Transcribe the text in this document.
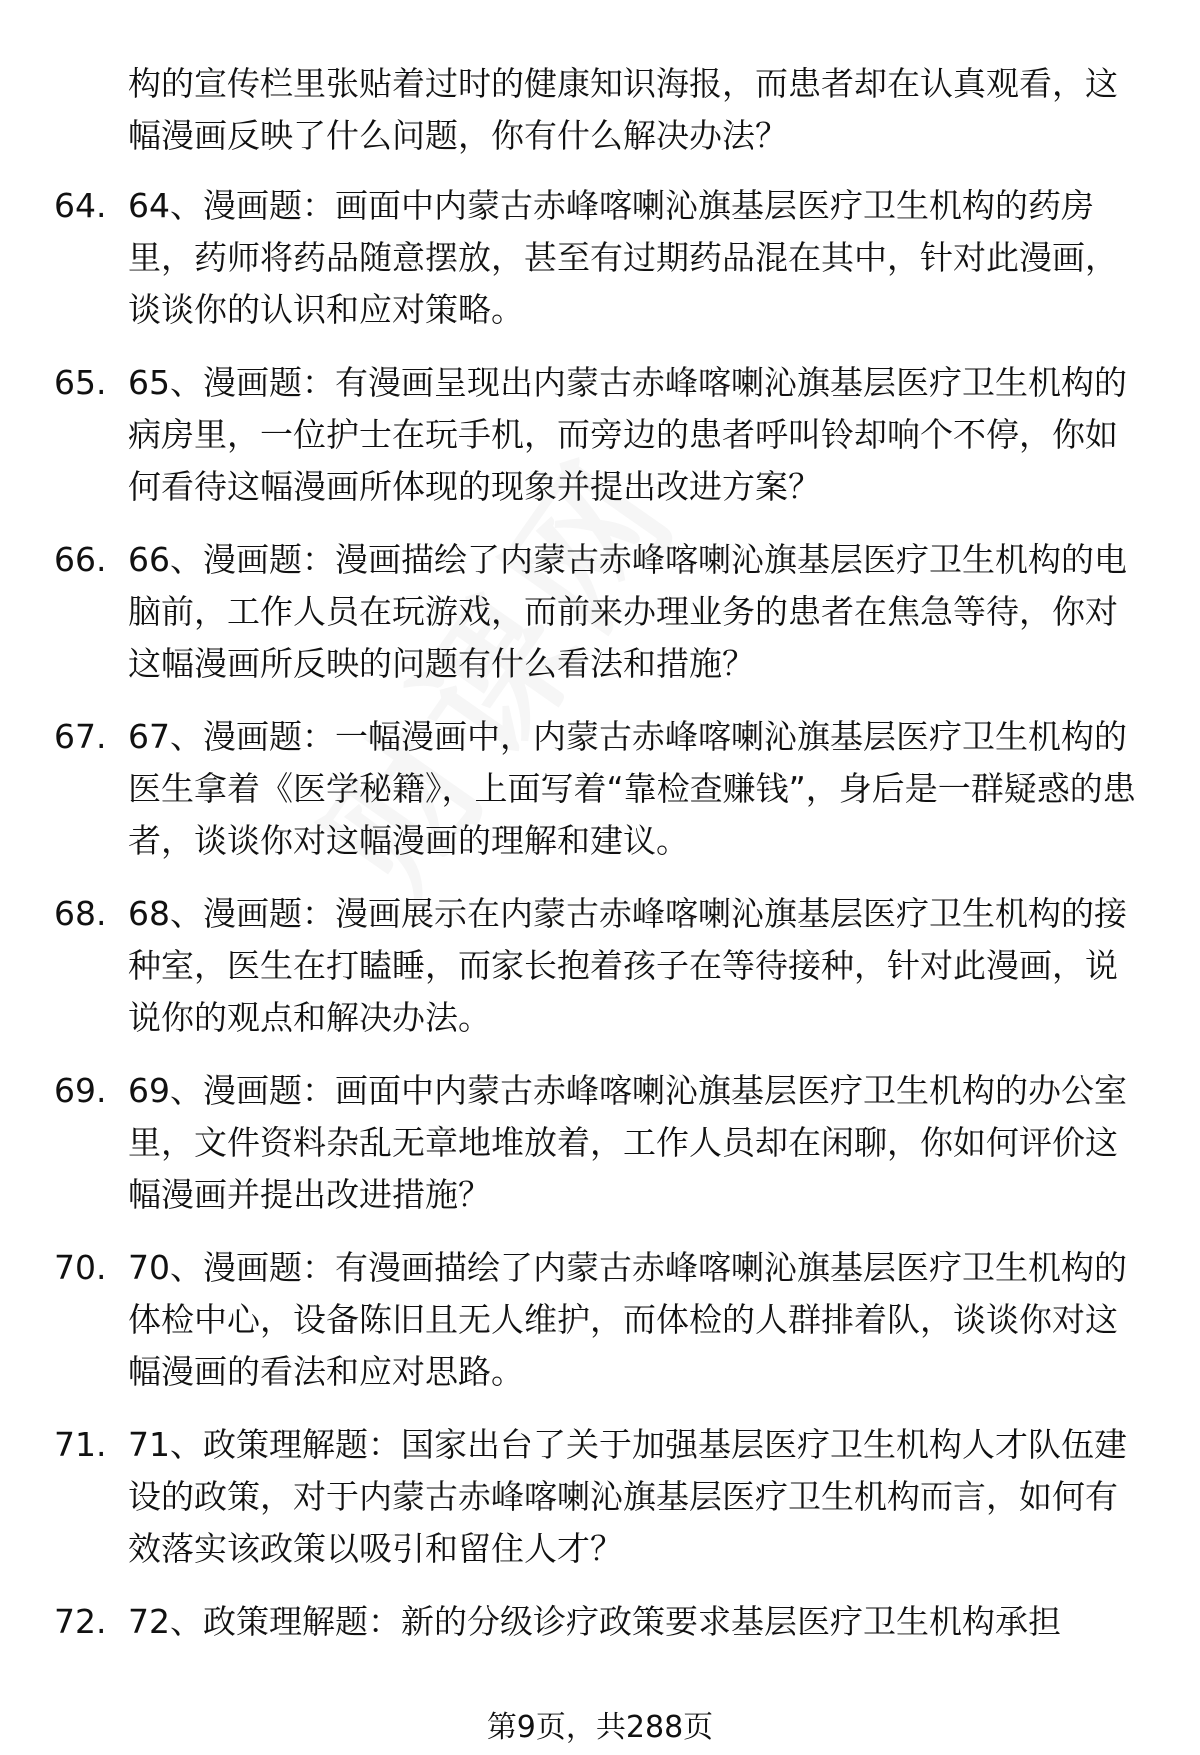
构的宣传栏里张贴着过时的健康知识海报，而患者却在认真观看，这幅漫画反映了什么问题，你有什么解决办法？

64. 64、漫画题：画面中内蒙古赤峰喀喇沁旗基层医疗卫生机构的药房里，药师将药品随意摆放，甚至有过期药品混在其中，针对此漫画，谈谈你的认识和应对策略。
65. 65、漫画题：有漫画呈现出内蒙古赤峰喀喇沁旗基层医疗卫生机构的病房里，一位护士在玩手机，而旁边的患者呼叫铃却响个不停，你如何看待这幅漫画所体现的现象并提出改进方案？
66. 66、漫画题：漫画描绘了内蒙古赤峰喀喇沁旗基层医疗卫生机构的电脑前，工作人员在玩游戏，而前来办理业务的患者在焦急等待，你对这幅漫画所反映的问题有什么看法和措施？
67. 67、漫画题：一幅漫画中，内蒙古赤峰喀喇沁旗基层医疗卫生机构的医生拿着《医学秘籍》，上面写着“靠检查赚钱”，身后是一群疑惑的患者，谈谈你对这幅漫画的理解和建议。
68. 68、漫画题：漫画展示在内蒙古赤峰喀喇沁旗基层医疗卫生机构的接种室，医生在打瞌睡，而家长抱着孩子在等待接种，针对此漫画，说说你的观点和解决办法。
69. 69、漫画题：画面中内蒙古赤峰喀喇沁旗基层医疗卫生机构的办公室里，文件资料杂乱无章地堆放着，工作人员却在闲聊，你如何评价这幅漫画并提出改进措施？
70. 70、漫画题：有漫画描绘了内蒙古赤峰喀喇沁旗基层医疗卫生机构的体检中心，设备陈旧且无人维护，而体检的人群排着队，谈谈你对这幅漫画的看法和应对思路。
71. 71、政策理解题：国家出台了关于加强基层医疗卫生机构人才队伍建设的政策，对于内蒙古赤峰喀喇沁旗基层医疗卫生机构而言，如何有效落实该政策以吸引和留住人才？
72. 72、政策理解题：新的分级诊疗政策要求基层医疗卫生机构承担
第9页，共288页
